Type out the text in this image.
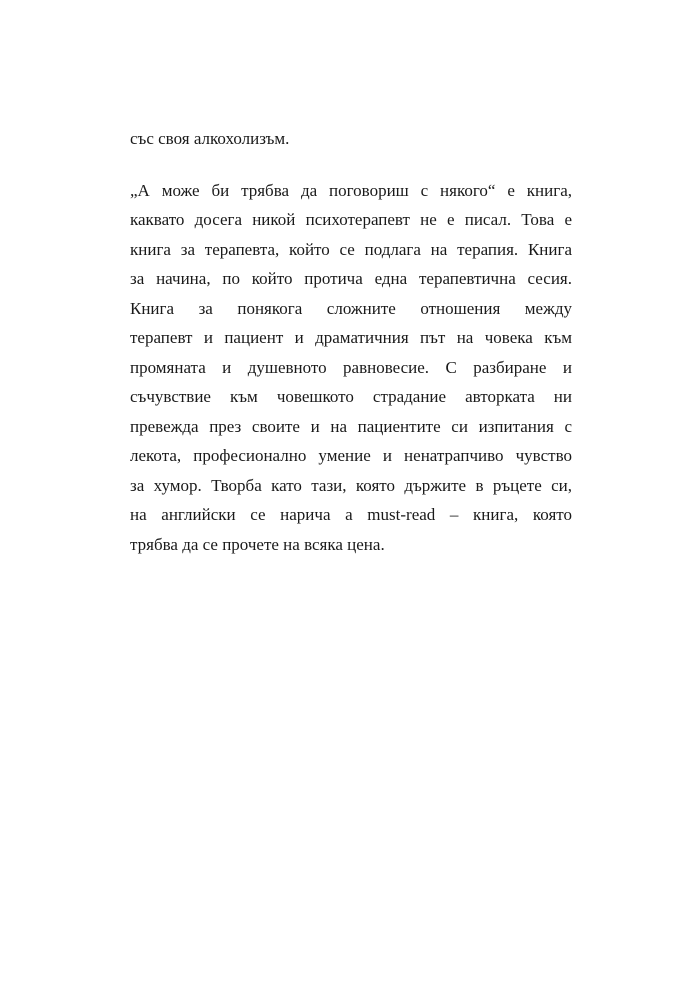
със своя алкохолизъм.

„А може би трябва да поговориш с някого“ е книга,
каквато досега никой психотерапевт не е писал. Това е
книга за терапевта, който се подлага на терапия. Книга
за начина, по който протича една терапевтична сесия.
Книга за понякога сложните отношения между
терапевт и пациент и драматичния път на човека към
промяната и душевното равновесие. С разбиране и
съчувствие към човешкото страдание авторката ни
превежда през своите и на пациентите си изпитания с
лекота, професионално умение и ненатрапчиво чувство
за хумор. Творба като тази, която държите в ръцете си,
на английски се нарича а must-read – книга, която
трябва да се прочете на всяка цена.
